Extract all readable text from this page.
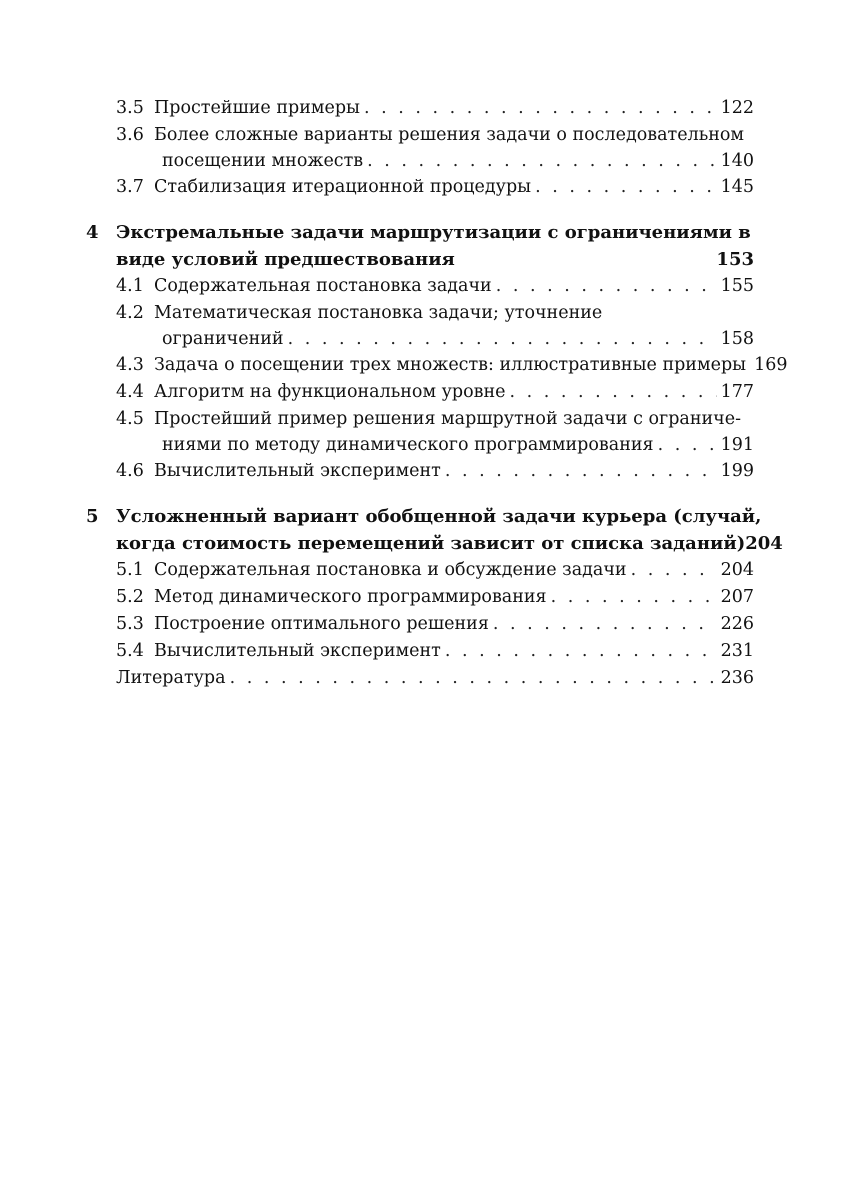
3.5 Простейшие примеры . . .	122
3.6 Более сложные варианты решения задачи о последовательном
посещении множеств . . .	140
3.7 Стабилизация итерационной процедуры . . .	145
4 Экстремальные задачи маршрутизации с ограничениями в
виде условий предшествования	153
4.1 Содержательная постановка задачи . . .	155
4.2 Математическая постановка задачи; уточнение
ограничений . . .	158
4.3 Задача о посещении трех множеств: иллюстративные примеры 169
4.4 Алгоритм на функциональном уровне . . .	177
4.5 Простейший пример решения маршрутной задачи с ограниче-
ниями по методу динамического программирования . . .	191
4.6 Вычислительный эксперимент . . .	199
5 Усложненный вариант обобщенной задачи курьера (случай,
когда стоимость перемещений зависит от списка заданий) 204
5.1 Содержательная постановка и обсуждение задачи . . .	204
5.2 Метод динамического программирования . . .	207
5.3 Построение оптимального решения . . .	226
5.4 Вычислительный эксперимент . . .	231
Литература . . .	236
